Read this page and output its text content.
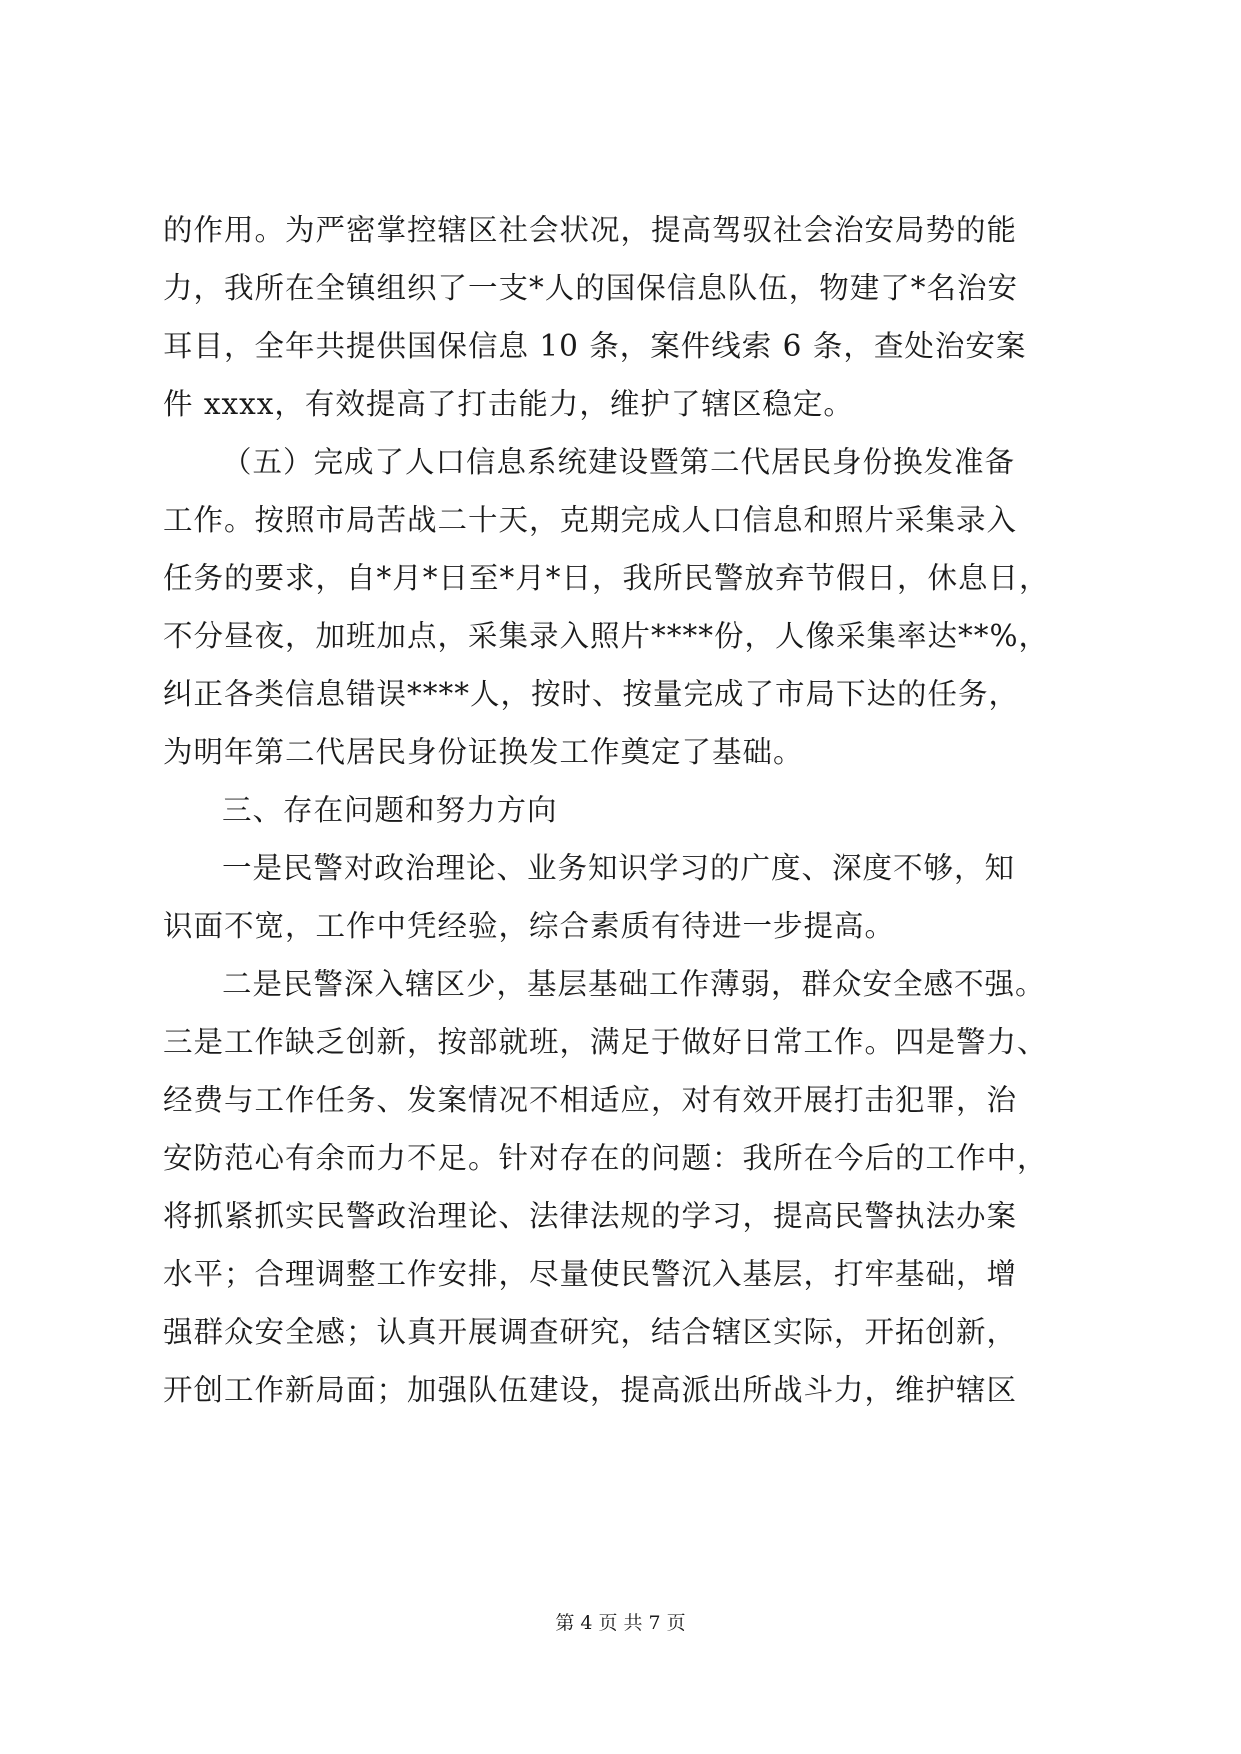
的作用。为严密掌控辖区社会状况，提高驾驭社会治安局势的能
力，我所在全镇组织了一支*人的国保信息队伍，物建了*名治安
耳目，全年共提供国保信息 10 条，案件线索 6 条，查处治安案
件 xxxx，有效提高了打击能力，维护了辖区稳定。
（五）完成了人口信息系统建设暨第二代居民身份换发准备
工作。按照市局苦战二十天，克期完成人口信息和照片采集录入
任务的要求，自*月*日至*月*日，我所民警放弃节假日，休息日，
不分昼夜，加班加点，采集录入照片****份，人像采集率达**%，
纠正各类信息错误****人，按时、按量完成了市局下达的任务，
为明年第二代居民身份证换发工作奠定了基础。
三、存在问题和努力方向
一是民警对政治理论、业务知识学习的广度、深度不够，知
识面不宽，工作中凭经验，综合素质有待进一步提高。
二是民警深入辖区少，基层基础工作薄弱，群众安全感不强。
三是工作缺乏创新，按部就班，满足于做好日常工作。四是警力、
经费与工作任务、发案情况不相适应，对有效开展打击犯罪，治
安防范心有余而力不足。针对存在的问题：我所在今后的工作中，
将抓紧抓实民警政治理论、法律法规的学习，提高民警执法办案
水平；合理调整工作安排，尽量使民警沉入基层，打牢基础，增
强群众安全感；认真开展调查研究，结合辖区实际，开拓创新，
开创工作新局面；加强队伍建设，提高派出所战斗力，维护辖区
第 4 页 共 7 页
